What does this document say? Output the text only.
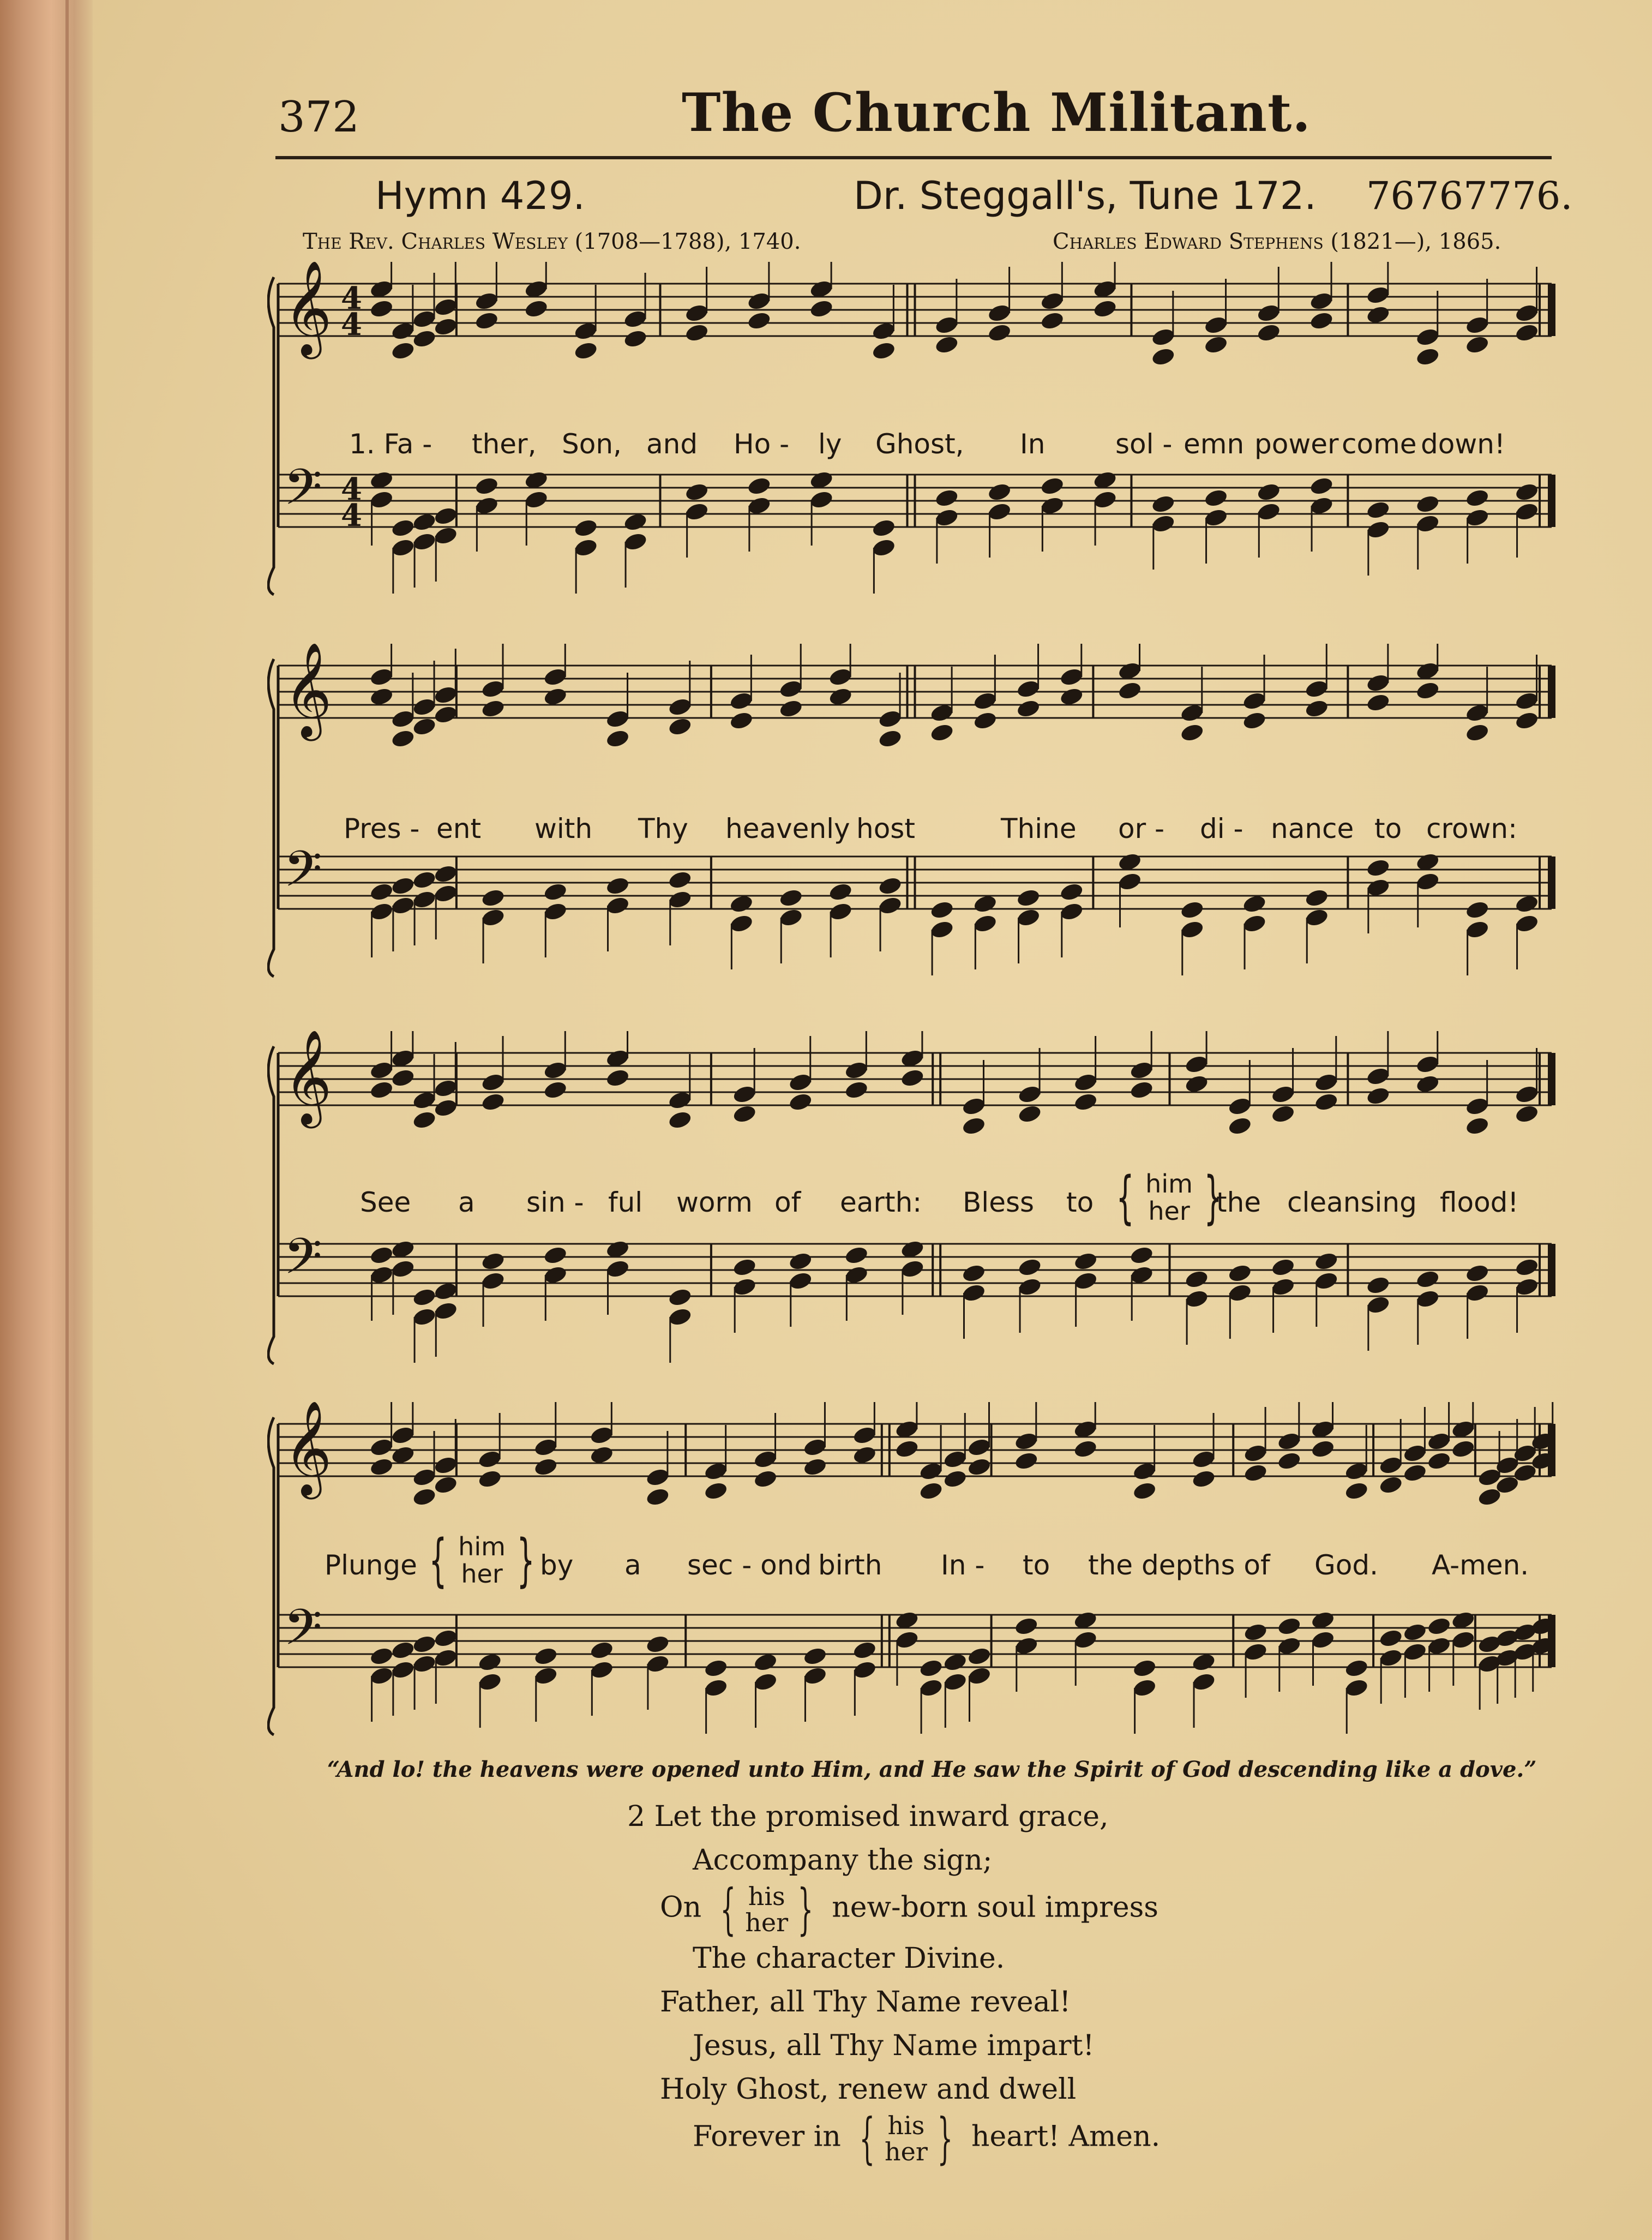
372	The Church Militant.
Hymn 429.	Dr. Steggall's, Tune 172. 76767776.
The Rev. Charles Wesley (1708—1788), 1740.	Charles Edward Stephens (1821—), 1865.
𝄞
𝄢
4
4
4
4
1. Fa - ther, Son, and Ho - ly Ghost, In	sol - emn power come down!
𝄞
𝄢
Pres - ent with Thy heavenly host	Thine or - di - nance to crown:
𝄞
𝄢
See a sin - ful worm of earth: Bless to { him
her }
the cleansing flood!
𝄞
𝄢
Plunge { him
her } by a sec - ond birth In - to the depths of God. A-men.
“And lo! the heavens were opened unto Him, and He saw the Spirit of God descending like a dove.”
2 Let the promised inward grace,
Accompany the sign;
On { his
her } new-born soul impress
The character Divine.
Father, all Thy Name reveal!
Jesus, all Thy Name impart!
Holy Ghost, renew and dwell
Forever in { his
her } heart! Amen.
